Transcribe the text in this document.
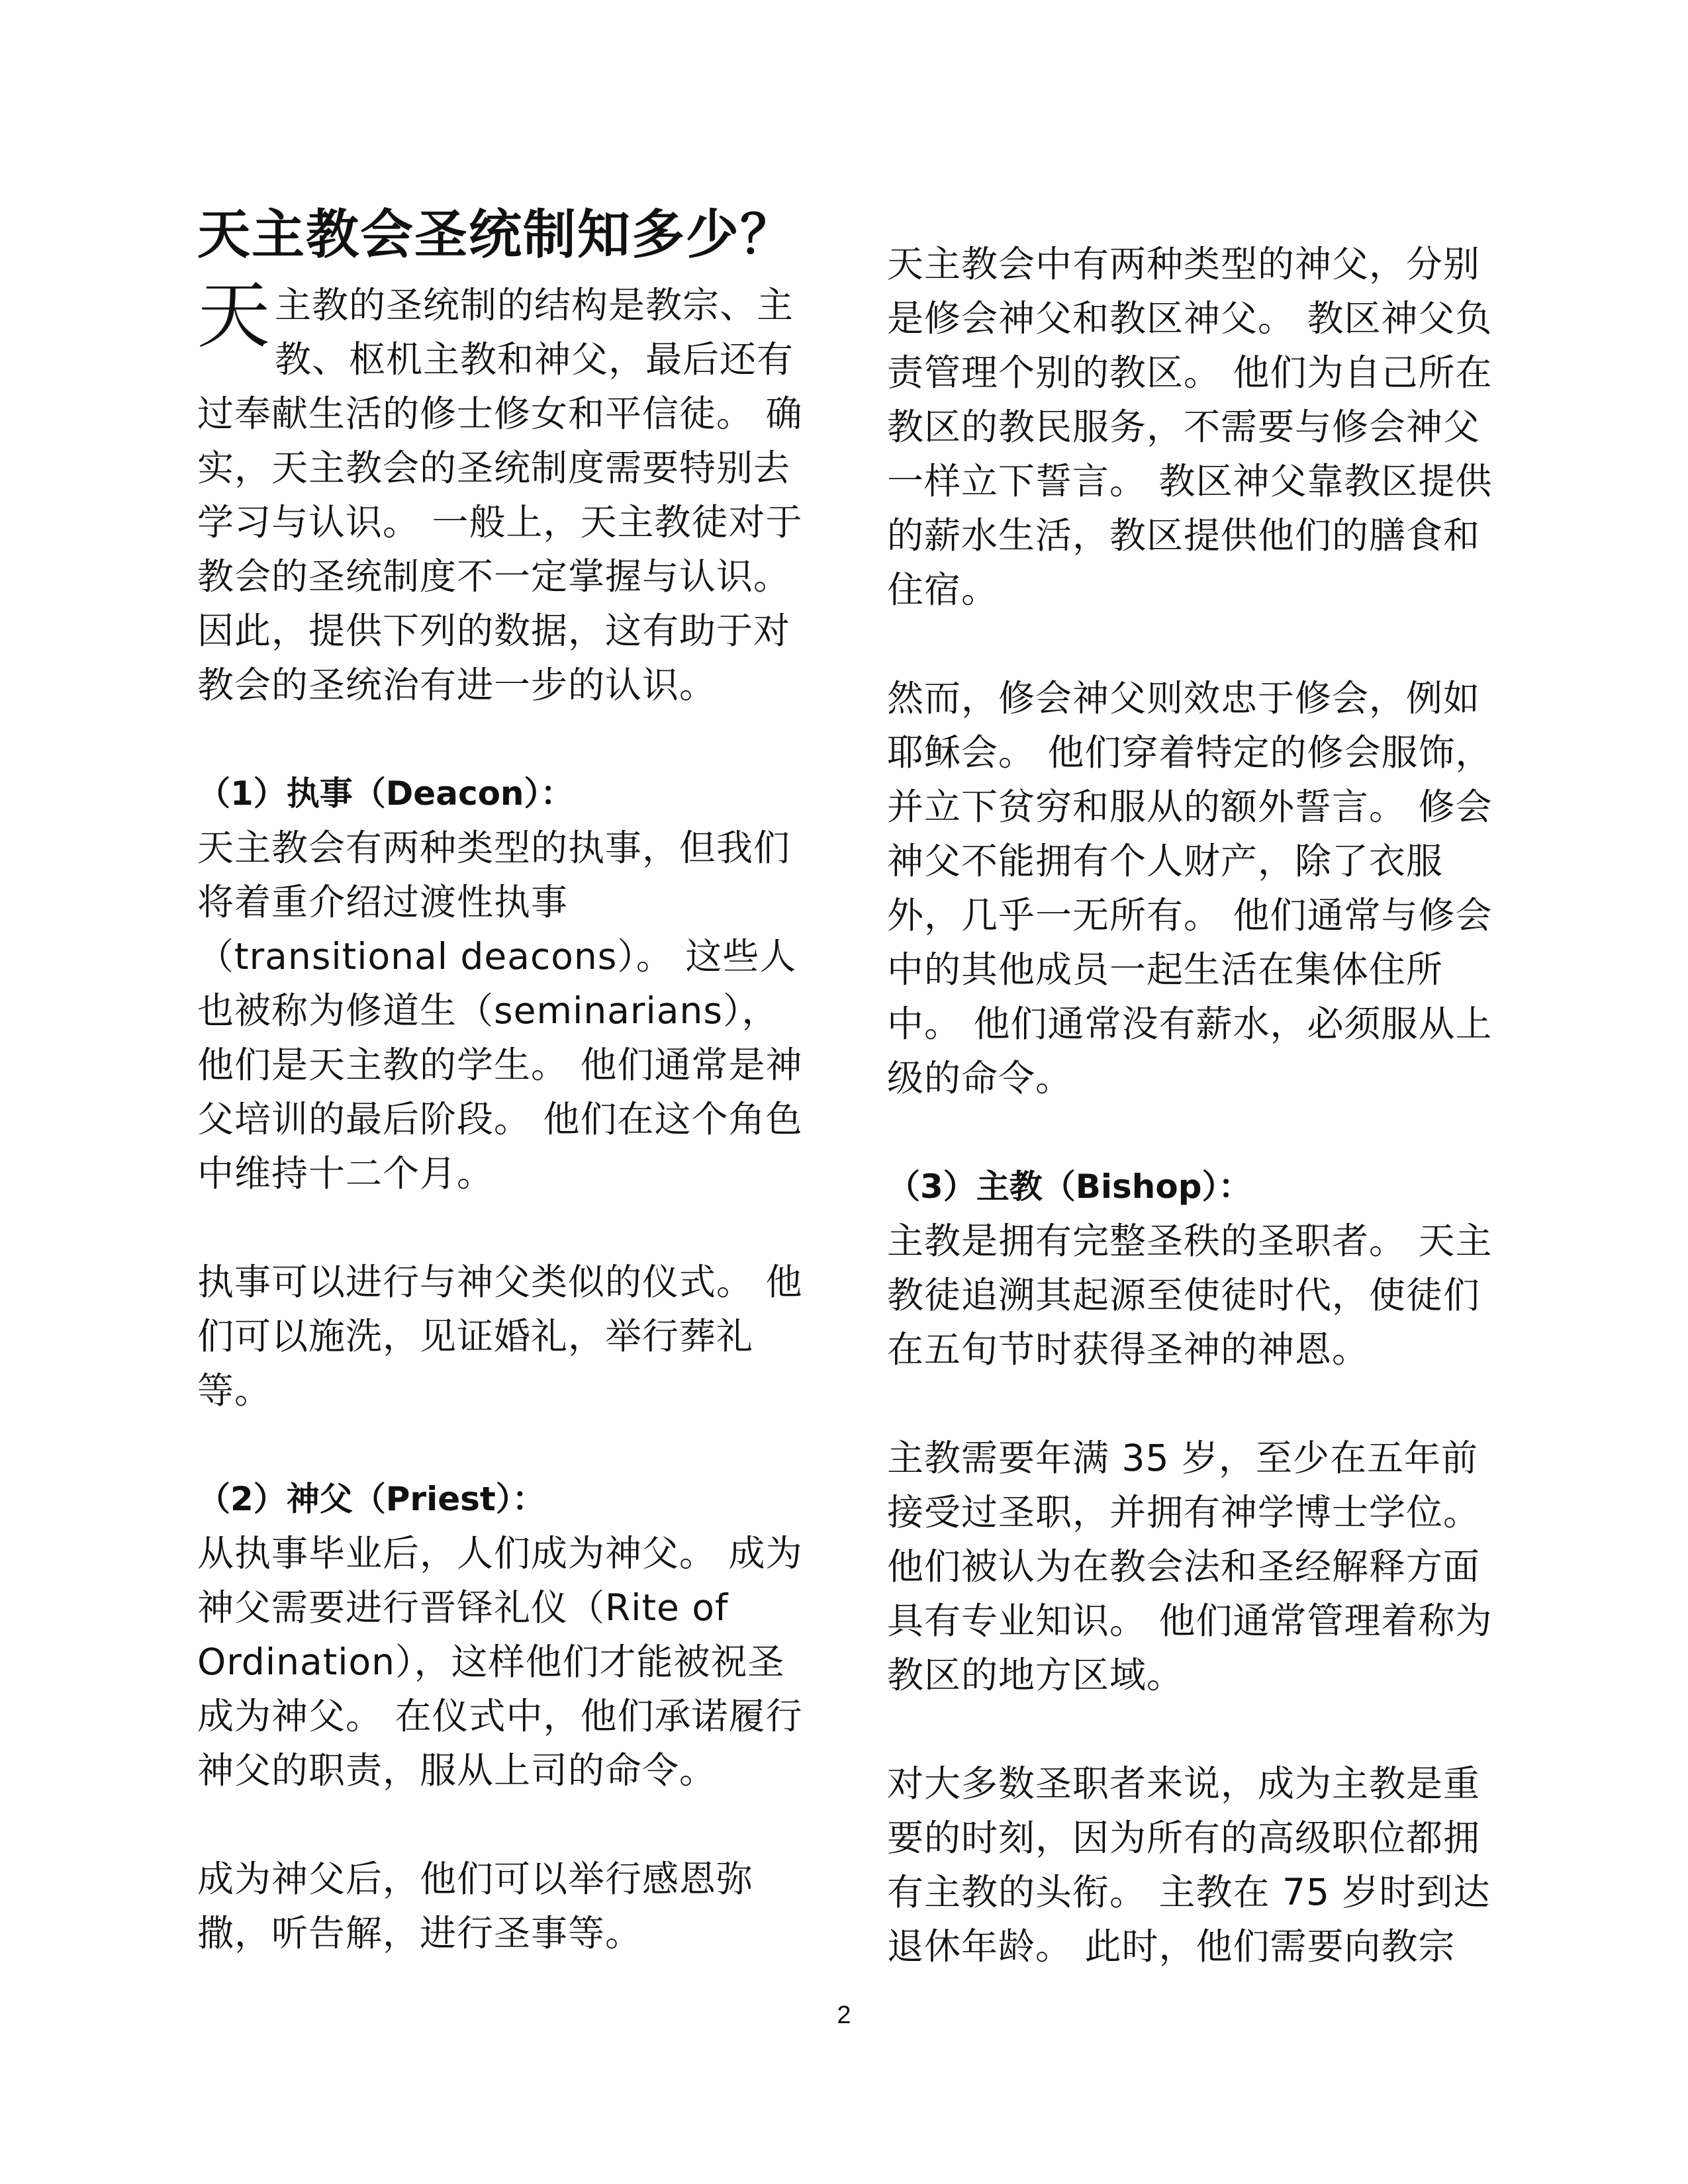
天主教会圣统制知多少？

天主教的圣统制的结构是教宗、主教、枢机主教和神父，最后还有过奉献生活的修士修女和平信徒。 确实，天主教会的圣统制度需要特别去学习与认识。 一般上，天主教徒对于教会的圣统制度不一定掌握与认识。 因此，提供下列的数据，这有助于对教会的圣统治有进一步的认识。

（1）执事（Deacon）：

天主教会有两种类型的执事，但我们将着重介绍过渡性执事（transitional deacons）。 这些人也被称为修道生（seminarians），他们是天主教的学生。 他们通常是神父培训的最后阶段。 他们在这个角色中维持十二个月。

执事可以进行与神父类似的仪式。 他们可以施洗，见证婚礼，举行葬礼等。

（2）神父（Priest）：

从执事毕业后，人们成为神父。 成为神父需要进行晋铎礼仪（Rite of Ordination），这样他们才能被祝圣成为神父。 在仪式中，他们承诺履行神父的职责，服从上司的命令。

成为神父后，他们可以举行感恩弥撒，听告解，进行圣事等。

天主教会中有两种类型的神父，分别是修会神父和教区神父。 教区神父负责管理个别的教区。 他们为自己所在教区的教民服务，不需要与修会神父一样立下誓言。 教区神父靠教区提供的薪水生活，教区提供他们的膳食和住宿。

然而，修会神父则效忠于修会，例如耶稣会。 他们穿着特定的修会服饰，并立下贫穷和服从的额外誓言。 修会神父不能拥有个人财产，除了衣服外，几乎一无所有。 他们通常与修会中的其他成员一起生活在集体住所中。 他们通常没有薪水，必须服从上级的命令。

（3）主教（Bishop）：

主教是拥有完整圣秩的圣职者。 天主教徒追溯其起源至使徒时代，使徒们在五旬节时获得圣神的神恩。

主教需要年满 35 岁，至少在五年前接受过圣职，并拥有神学博士学位。 他们被认为在教会法和圣经解释方面具有专业知识。 他们通常管理着称为教区的地方区域。

对大多数圣职者来说，成为主教是重要的时刻，因为所有的高级职位都拥有主教的头衔。 主教在 75 岁时到达退休年龄。 此时，他们需要向教宗

2
